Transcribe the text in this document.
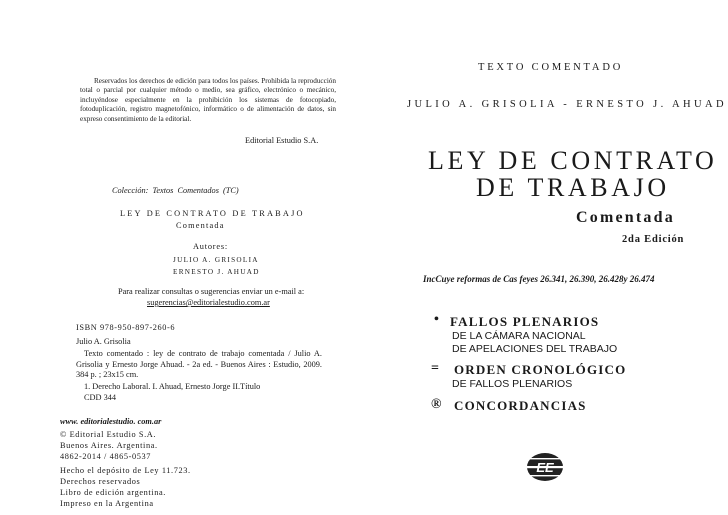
Reservados los derechos de edición para todos los países. Prohibida la reproducción total o parcial por cualquier método o medio, sea gráfico, electrónico o mecánico, incluyéndose especialmente en la prohibición los sistemas de fotocopiado, fotoduplicación, registro magnetofónico, informático o de alimentación de datos, sin expreso consentimiento de la editorial.
Editorial Estudio S.A.
Colección: Textos Comentados (TC)
LEY DE CONTRATO DE TRABAJO
Comentada
Autores:
JULIO A. GRISOLIA
ERNESTO J. AHUAD
Para realizar consultas o sugerencias enviar un e-mail a:
sugerencias@editorialestudio.com.ar
ISBN 978-950-897-260-6
Julio A. Grisolia
Texto comentado : ley de contrato de trabajo comentada / Julio A. Grisolia y Ernesto Jorge Ahuad. - 2a ed. - Buenos Aires : Estudio, 2009. 384 p. ; 23x15 cm.
1. Derecho Laboral. I. Ahuad, Ernesto Jorge II.Título
CDD 344
www. editorialestudio. com.ar
© Editorial Estudio S.A.
Buenos Aires. Argentina.
4862-2014 / 4865-0537
Hecho el depósito de Ley 11.723.
Derechos reservados
Libro de edición argentina.
Impreso en la Argentina
TEXTO COMENTADO
JULIO A. GRISOLIA - ERNESTO J. AHUAD
LEY DE CONTRATO
DE TRABAJO
Comentada
2da Edición
IncCuye reformas de Cas feyes 26.341, 26.390, 26.428y 26.474
• FALLOS PLENARIOS
DE LA CÁMARA NACIONAL
DE APELACIONES DEL TRABAJO
= ORDEN CRONOLÓGICO
DE FALLOS PLENARIOS
® CONCORDANCIAS
EE
